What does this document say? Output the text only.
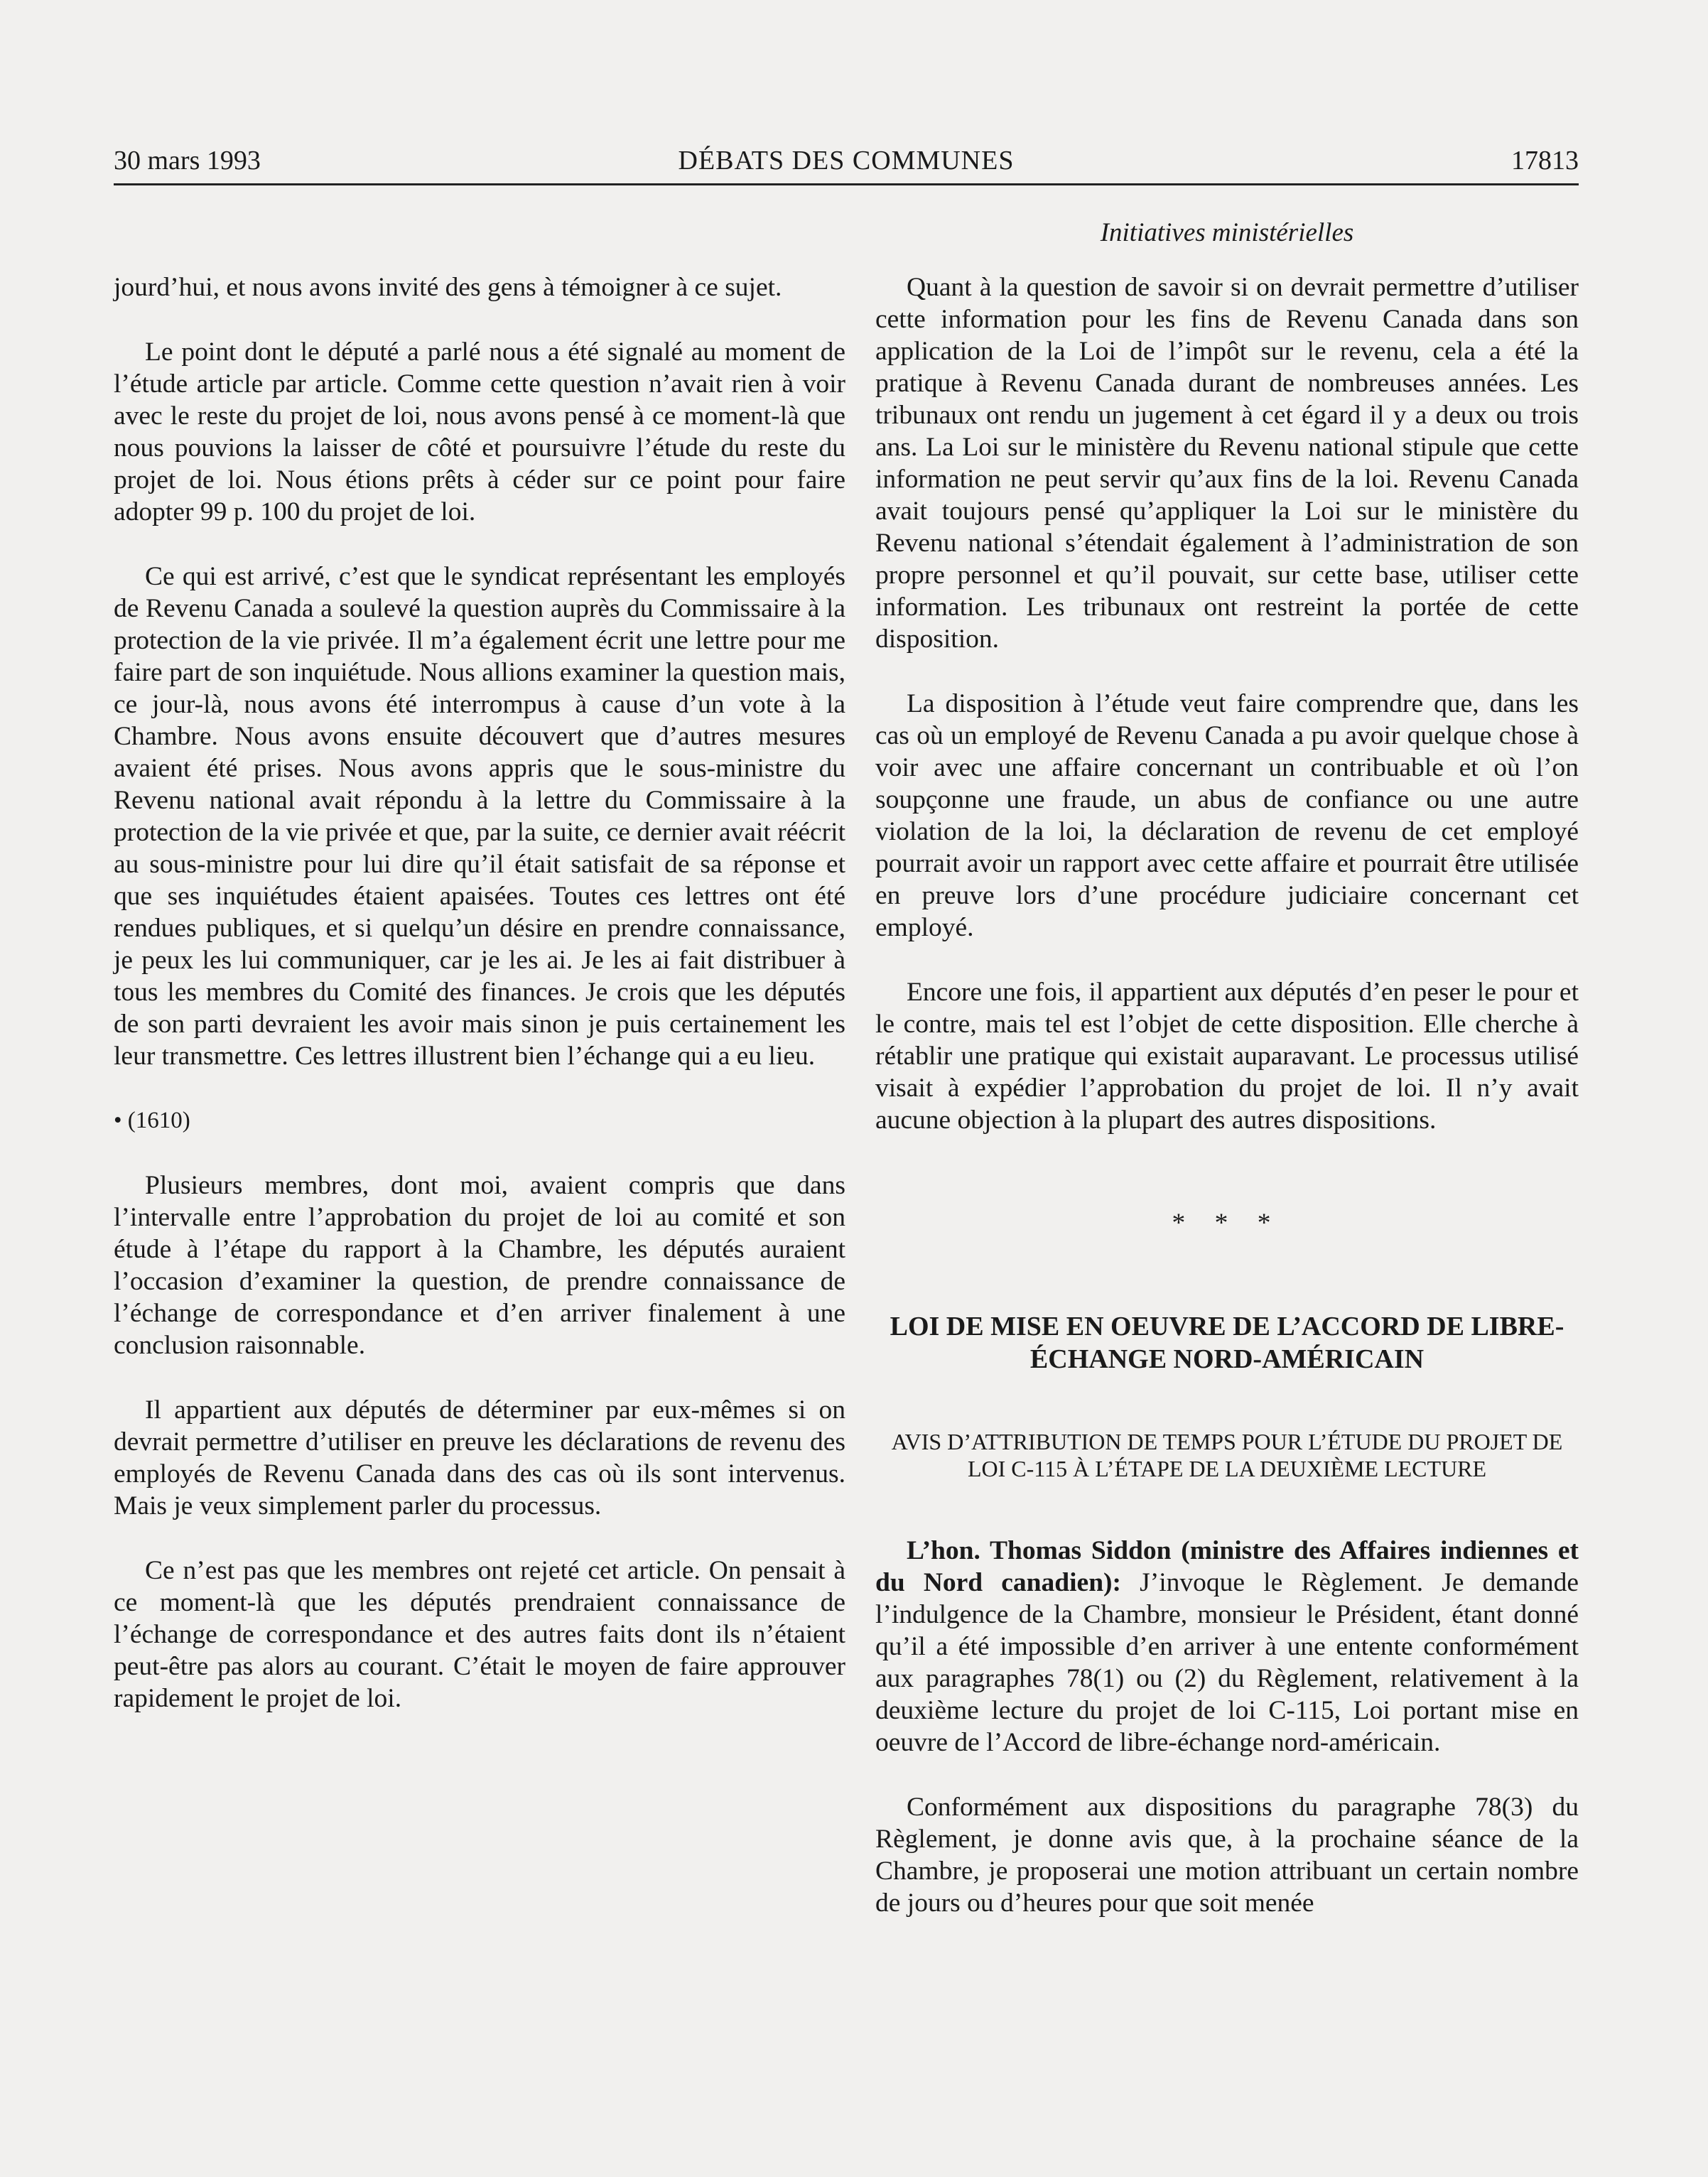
30 mars 1993	DÉBATS DES COMMUNES	17813
Initiatives ministérielles

jourd’hui, et nous avons invité des gens à témoigner à ce sujet.

Le point dont le député a parlé nous a été signalé au moment de l’étude article par article. Comme cette question n’avait rien à voir avec le reste du projet de loi, nous avons pensé à ce moment-là que nous pouvions la laisser de côté et poursuivre l’étude du reste du projet de loi. Nous étions prêts à céder sur ce point pour faire adopter 99 p. 100 du projet de loi.

Ce qui est arrivé, c’est que le syndicat représentant les employés de Revenu Canada a soulevé la question auprès du Commissaire à la protection de la vie privée. Il m’a également écrit une lettre pour me faire part de son inquiétude. Nous allions examiner la question mais, ce jour-là, nous avons été interrompus à cause d’un vote à la Chambre. Nous avons ensuite découvert que d’autres mesures avaient été prises. Nous avons appris que le sous-ministre du Revenu national avait répondu à la lettre du Commissaire à la protection de la vie privée et que, par la suite, ce dernier avait réécrit au sous-ministre pour lui dire qu’il était satisfait de sa réponse et que ses inquiétudes étaient apaisées. Toutes ces lettres ont été rendues publiques, et si quelqu’un désire en prendre connaissance, je peux les lui communiquer, car je les ai. Je les ai fait distribuer à tous les membres du Comité des finances. Je crois que les députés de son parti devraient les avoir mais sinon je puis certainement les leur transmettre. Ces lettres illustrent bien l’échange qui a eu lieu.

• (1610)

Plusieurs membres, dont moi, avaient compris que dans l’intervalle entre l’approbation du projet de loi au comité et son étude à l’étape du rapport à la Chambre, les députés auraient l’occasion d’examiner la question, de prendre connaissance de l’échange de correspondance et d’en arriver finalement à une conclusion raisonnable.

Il appartient aux députés de déterminer par eux-mêmes si on devrait permettre d’utiliser en preuve les déclarations de revenu des employés de Revenu Canada dans des cas où ils sont intervenus. Mais je veux simplement parler du processus.

Ce n’est pas que les membres ont rejeté cet article. On pensait à ce moment-là que les députés prendraient connaissance de l’échange de correspondance et des autres faits dont ils n’étaient peut-être pas alors au courant. C’était le moyen de faire approuver rapidement le projet de loi.

Quant à la question de savoir si on devrait permettre d’utiliser cette information pour les fins de Revenu Canada dans son application de la Loi de l’impôt sur le revenu, cela a été la pratique à Revenu Canada durant de nombreuses années. Les tribunaux ont rendu un jugement à cet égard il y a deux ou trois ans. La Loi sur le ministère du Revenu national stipule que cette information ne peut servir qu’aux fins de la loi. Revenu Canada avait toujours pensé qu’appliquer la Loi sur le ministère du Revenu national s’étendait également à l’administration de son propre personnel et qu’il pouvait, sur cette base, utiliser cette information. Les tribunaux ont restreint la portée de cette disposition.

La disposition à l’étude veut faire comprendre que, dans les cas où un employé de Revenu Canada a pu avoir quelque chose à voir avec une affaire concernant un contribuable et où l’on soupçonne une fraude, un abus de confiance ou une autre violation de la loi, la déclaration de revenu de cet employé pourrait avoir un rapport avec cette affaire et pourrait être utilisée en preuve lors d’une procédure judiciaire concernant cet employé.

Encore une fois, il appartient aux députés d’en peser le pour et le contre, mais tel est l’objet de cette disposition. Elle cherche à rétablir une pratique qui existait auparavant. Le processus utilisé visait à expédier l’approbation du projet de loi. Il n’y avait aucune objection à la plupart des autres dispositions.

* * *
LOI DE MISE EN OEUVRE DE L’ACCORD DE LIBRE-ÉCHANGE NORD-AMÉRICAIN
AVIS D’ATTRIBUTION DE TEMPS POUR L’ÉTUDE DU PROJET DE LOI C-115 À L’ÉTAPE DE LA DEUXIÈME LECTURE

L’hon. Thomas Siddon (ministre des Affaires indiennes et du Nord canadien): J’invoque le Règlement. Je demande l’indulgence de la Chambre, monsieur le Président, étant donné qu’il a été impossible d’en arriver à une entente conformément aux paragraphes 78(1) ou (2) du Règlement, relativement à la deuxième lecture du projet de loi C-115, Loi portant mise en oeuvre de l’Accord de libre-échange nord-américain.

Conformément aux dispositions du paragraphe 78(3) du Règlement, je donne avis que, à la prochaine séance de la Chambre, je proposerai une motion attribuant un certain nombre de jours ou d’heures pour que soit menée
